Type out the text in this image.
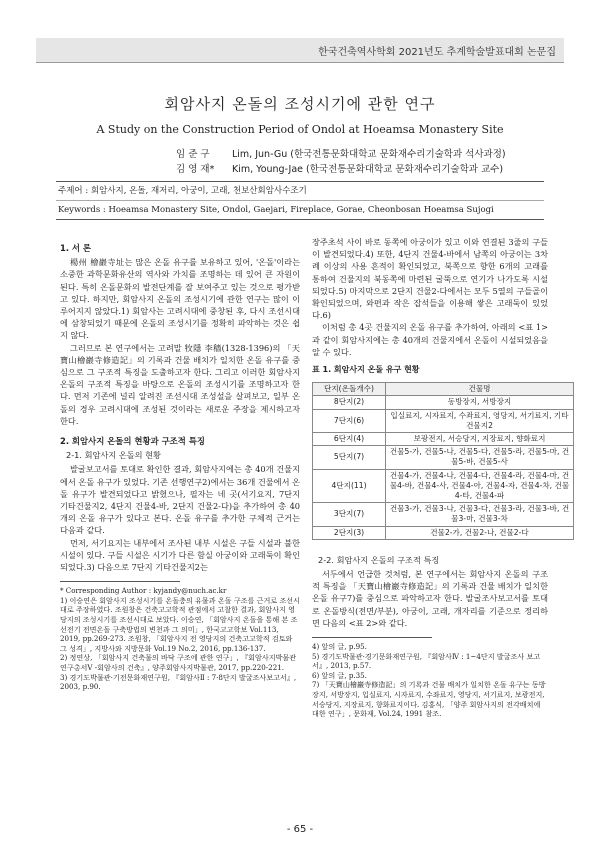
한국건축역사학회 2021년도 추계학술발표대회 논문집
회암사지 온돌의 조성시기에 관한 연구
A Study on the Construction Period of Ondol at Hoeamsa Monastery Site
임 준 구 Lim, Jun-Gu (한국전통문화대학교 문화재수리기술학과 석사과정)
김 영 재* Kim, Young-Jae (한국전통문화대학교 문화재수리기술학과 교수)
주제어 : 회암사지, 온돌, 재저리, 아궁이, 고래, 천보산회암사수조기
Keywords : Hoeamsa Monastery Site, Ondol, Gaejari, Fireplace, Gorae, Cheonbosan Hoeamsa Sujogi
1. 서 론

楊州 檜巖寺址는 많은 온돌 유구를 보유하고 있어, '온돌'이라는 소중한 과학문화유산의 역사와 가치를 조명하는 데 있어 큰 자원이 된다. 특히 온돌문화의 발전단계를 잘 보여주고 있는 것으로 평가받고 있다. 하지만, 회암사지 온돌의 조성시기에 관한 연구는 많이 이루어지지 않았다.1) 회암사는 고려시대에 중창된 후, 다시 조선시대에 삼창되었기 때문에 온돌의 조성시기를 정확히 파악하는 것은 쉽지 않다.

그러므로 본 연구에서는 고려말 牧隱 李穡(1328-1396)의 「天寶山檜巖寺修造記」의 기록과 건물 배치가 일치한 온돌 유구를 중심으로 그 구조적 특징을 도출하고자 한다. 그리고 이러한 회암사지 온돌의 구조적 특징을 바탕으로 온돌의 조성시기를 조명하고자 한다. 먼저 기존에 널리 알려진 조선시대 조성설을 살펴보고, 일부 온돌의 경우 고려시대에 조성된 것이라는 새로운 주장을 제시하고자 한다.

2. 회암사지 온돌의 현황과 구조적 특징
2-1. 회암사지 온돌의 현황

발굴보고서를 토대로 확인한 결과, 회암사지에는 총 40개 건물지에서 온돌 유구가 있었다. 기존 선행연구2)에서는 36개 건물에서 온돌 유구가 발견되었다고 밝혔으나, 필자는 네 곳(서기요지, 7단지 기타건물지2, 4단지 건물4-바, 2단지 건물2-다)을 추가하여 총 40개의 온돌 유구가 있다고 본다. 온돌 유구를 추가한 구체적 근거는 다음과 같다.

먼저, 서기요지는 내부에서 조사된 내부 시설은 구들 시설과 불한 시설이 있다. 구들 시설은 시기가 다른 함실 아궁이와 고래둑이 확인되었다.3) 다음으로 7단지 기타건물지2는

* Corresponding Author : kyjandy@nuch.ac.kr
1) 이승연은 회암사지 조성시기를 온돌층의 유물과 온돌 구조를 근거로 조선시대로 주장하였다. 조원창은 건축고고학적 관점에서 고찰한 결과, 회암사지 영당지의 조성시기를 조선시대로 보았다. 이승연, 「회암사지 온돌을 통해 본 조선전기 전면온돌 구축방법의 변천과 그 의미」, 한국고고학보 Vol.113, 2019, pp.269-273. 조원창, 「회암사지 전 영당지의 건축고고학적 검토와 그 성격」, 지방사와 지방문화 Vol.19 No.2, 2016, pp.136-137.
2) 정연상, 「회암사지 건축물의 바닥 구조에 관한 연구」, 『회암사지박물관 연구총서Ⅴ -회암사의 건축』, 양주회암사지박물관, 2017, pp.220-221.
3) 경기도박물관·기전문화재연구원, 『회암사Ⅱ : 7·8단지 발굴조사보고서』, 2003, p.90.

장주초석 사이 바로 동쪽에 아궁이가 있고 이와 연결된 3줄의 구들이 발견되었다.4) 또한, 4단지 건물4-바에서 남쪽의 아궁이는 3차례 이상의 사용 흔적이 확인되었고, 북쪽으로 향한 6개의 고래를 통하여 건물지의 북동쪽에 마련된 굴뚝으로 연기가 나가도록 시설되었다.5) 마지막으로 2단지 건물2-다에서는 모두 5열의 구들골이 확인되었으며, 와편과 작은 잡석들을 이용해 쌓은 고래둑이 있었다.6)

이처럼 총 4곳 건물지의 온돌 유구를 추가하여, 아래의 <표 1>과 같이 회암사지에는 총 40개의 건물지에서 온돌이 시설되었음을 알 수 있다.

표 1. 회암사지 온돌 유구 현황
단지(온돌개수)	건물명
8단지(2)	동방장지, 서방장지
7단지(6)	입실료지, 시자료지, 수좌료지, 영당지, 서기료지, 기타건물지2
6단지(4)	보광전지, 서승당지, 지장료지, 향화료지
5단지(7)	건물5-가, 건물5-나, 건물5-다, 건물5-라, 건물5-마, 건물5-바, 건물5-사
4단지(11)	건물4-가, 건물4-나, 건물4-다, 건물4-라, 건물4-마, 건물4-바, 건물4-사, 건물4-아, 건물4-자, 건물4-차, 건물4-타, 건물4-파
3단지(7)	건물3-가, 건물3-나, 건물3-다, 건물3-라, 건물3-바, 건물3-마, 건물3-차
2단지(3)	건물2-가, 건물2-나, 건물2-다
2-2. 회암사지 온돌의 구조적 특징

서두에서 언급한 것처럼, 본 연구에서는 회암사지 온돌의 구조적 특징을 「天寶山檜巖寺修造記」의 기록과 건물 배치가 일치한 온돌 유구7)를 중심으로 파악하고자 한다. 발굴조사보고서를 토대로 온돌방식(전면/부분), 아궁이, 고래, 개자리를 기준으로 정리하면 다음의 <표 2>와 같다.

4) 앞의 글, p.95.
5) 경기도박물관·경기문화재연구원, 『회암사Ⅳ : 1~4단지 발굴조사 보고서』, 2013, p.57.
6) 앞의 글, p.35.
7) 「天寶山檜巖寺修造記」의 기록과 건물 배치가 일치한 온돌 유구는 동방장지, 서방장지, 입실료지, 시자료지, 수좌료지, 영당지, 서기료지, 보광전지, 서승당지, 지장료지, 향화료지이다. 김홍식, 「양주 회암사지의 전각배치에 대한 연구」, 문화재, Vol.24, 1991 참조.
- 65 -
